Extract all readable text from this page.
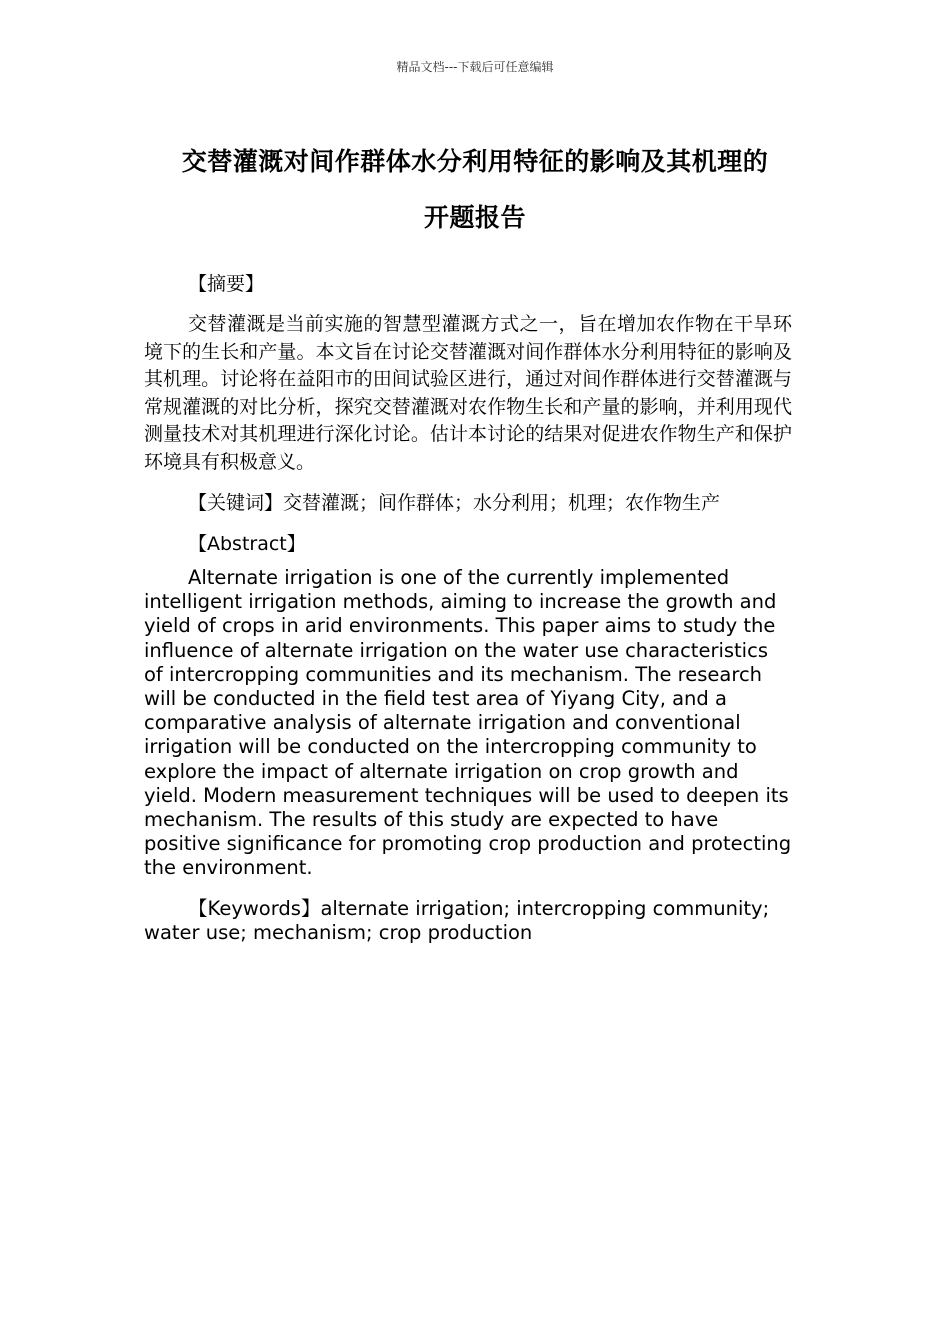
精品文档---下载后可任意编辑
交替灌溉对间作群体水分利用特征的影响及其机理的
开题报告

【摘要】

交替灌溉是当前实施的智慧型灌溉方式之一，旨在增加农作物在干旱环境下的生长和产量。本文旨在讨论交替灌溉对间作群体水分利用特征的影响及其机理。讨论将在益阳市的田间试验区进行，通过对间作群体进行交替灌溉与常规灌溉的对比分析，探究交替灌溉对农作物生长和产量的影响，并利用现代测量技术对其机理进行深化讨论。估计本讨论的结果对促进农作物生产和保护环境具有积极意义。

【关键词】交替灌溉；间作群体；水分利用；机理；农作物生产

【Abstract】

Alternate irrigation is one of the currently implemented intelligent irrigation methods, aiming to increase the growth and yield of crops in arid environments. This paper aims to study the influence of alternate irrigation on the water use characteristics of intercropping communities and its mechanism. The research will be conducted in the field test area of Yiyang City, and a comparative analysis of alternate irrigation and conventional irrigation will be conducted on the intercropping community to explore the impact of alternate irrigation on crop growth and yield. Modern measurement techniques will be used to deepen its mechanism. The results of this study are expected to have positive significance for promoting crop production and protecting the environment.

【Keywords】alternate irrigation; intercropping community; water use; mechanism; crop production
